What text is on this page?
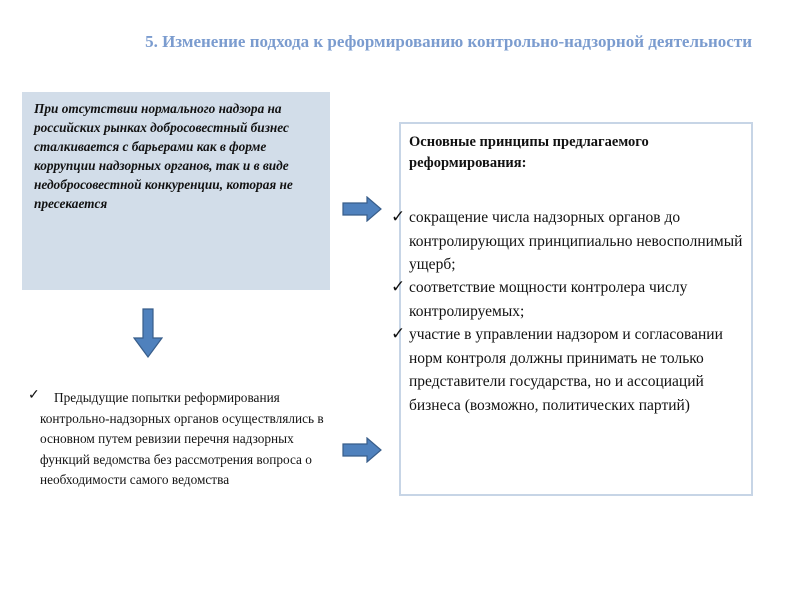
5. Изменение подхода к реформированию контрольно-надзорной деятельности
При отсутствии нормального надзора на российских рынках добросовестный бизнес сталкивается с барьерами как в форме коррупции надзорных органов, так и в виде недобросовестной конкуренции, которая не пресекается
✓	Предыдущие попытки реформирования контрольно-надзорных органов осуществлялись в основном путем ревизии перечня надзорных функций ведомства без рассмотрения вопроса о необходимости самого ведомства
Основные принципы предлагаемого реформирования:
✓ сокращение числа надзорных органов до контролирующих принципиально невосполнимый ущерб;
✓ соответствие мощности контролера числу контролируемых;
✓ участие в управлении надзором и согласовании норм контроля должны принимать не только представители государства, но и ассоциаций бизнеса (возможно, политических партий)
